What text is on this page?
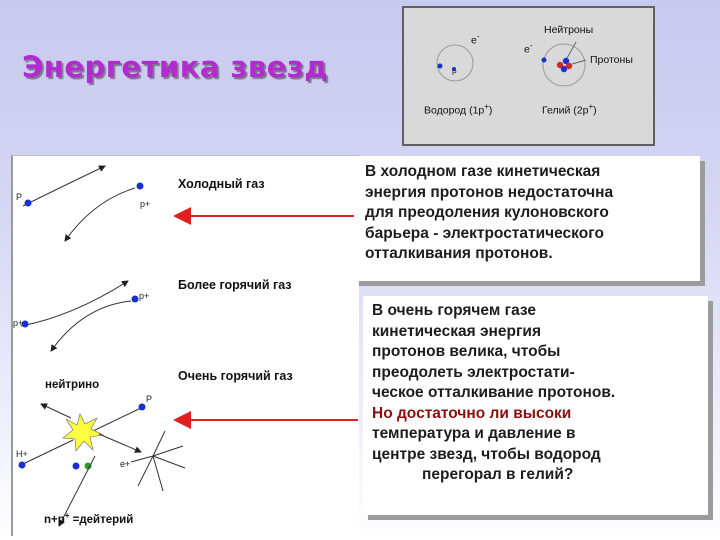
Энергетика звезд
e-
e-
P
Нейтроны
Протоны
Водород (1p+)	Гелий (2p+)
P
p+
p+
p+
P
H+
e+
Холодный газ
Более горячий газ
Очень горячий газ
нейтрино
n+p+ =дейтерий
В холодном газе кинетическая
энергия протонов недостаточна
для преодоления кулоновского
барьера - электростатического
отталкивания протонов.
В очень горячем газе
кинетическая энергия
протонов велика, чтобы
преодолеть электростати-
ческое отталкивание протонов.
Но достаточно ли высоки
температура и давление в
центре звезд, чтобы водород
перегорал в гелий?
